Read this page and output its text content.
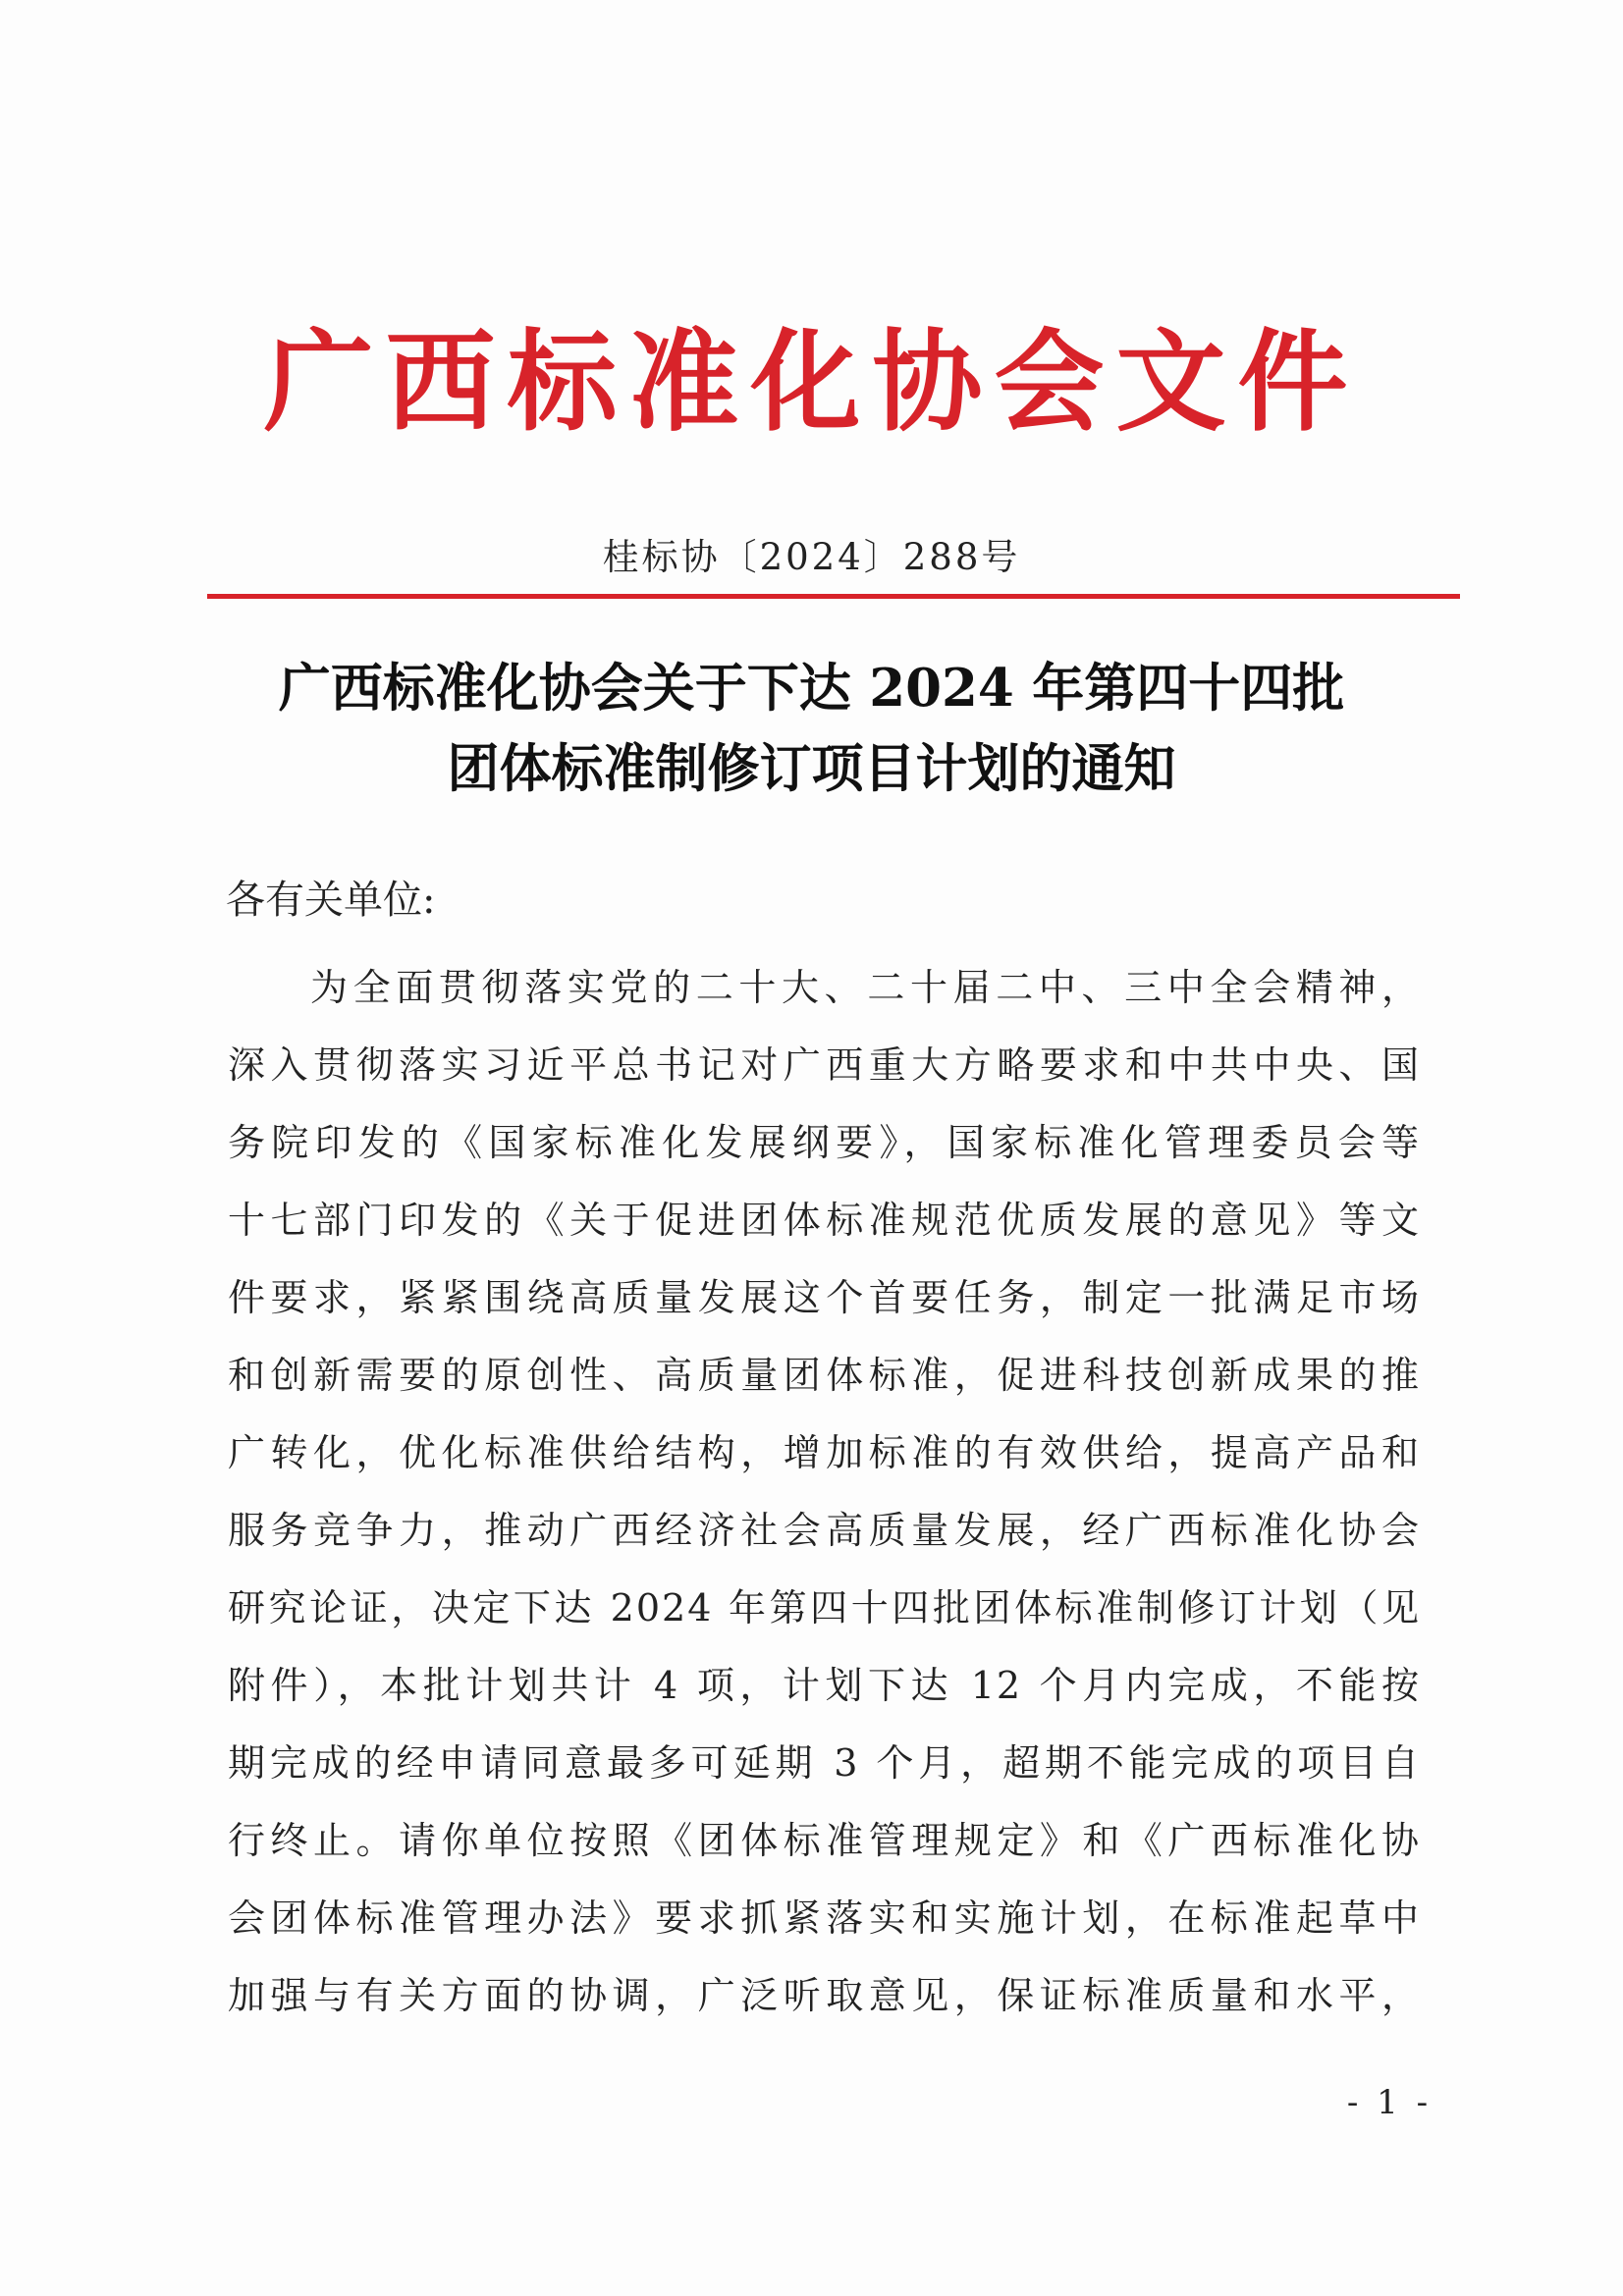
广西标准化协会文件
桂标协〔2024〕288号
广西标准化协会关于下达 2024 年第四十四批
团体标准制修订项目计划的通知
各有关单位:
为全面贯彻落实党的二十大、二十届二中、三中全会精神，
深入贯彻落实习近平总书记对广西重大方略要求和中共中央、国
务院印发的《国家标准化发展纲要》，国家标准化管理委员会等
十七部门印发的《关于促进团体标准规范优质发展的意见》等文
件要求，紧紧围绕高质量发展这个首要任务，制定一批满足市场
和创新需要的原创性、高质量团体标准，促进科技创新成果的推
广转化，优化标准供给结构，增加标准的有效供给，提高产品和
服务竞争力，推动广西经济社会高质量发展，经广西标准化协会
研究论证，决定下达 2024 年第四十四批团体标准制修订计划（见
附件），本批计划共计 4 项，计划下达 12 个月内完成，不能按
期完成的经申请同意最多可延期 3 个月，超期不能完成的项目自
行终止。请你单位按照《团体标准管理规定》和《广西标准化协
会团体标准管理办法》要求抓紧落实和实施计划，在标准起草中
加强与有关方面的协调，广泛听取意见，保证标准质量和水平，
- 1 -
